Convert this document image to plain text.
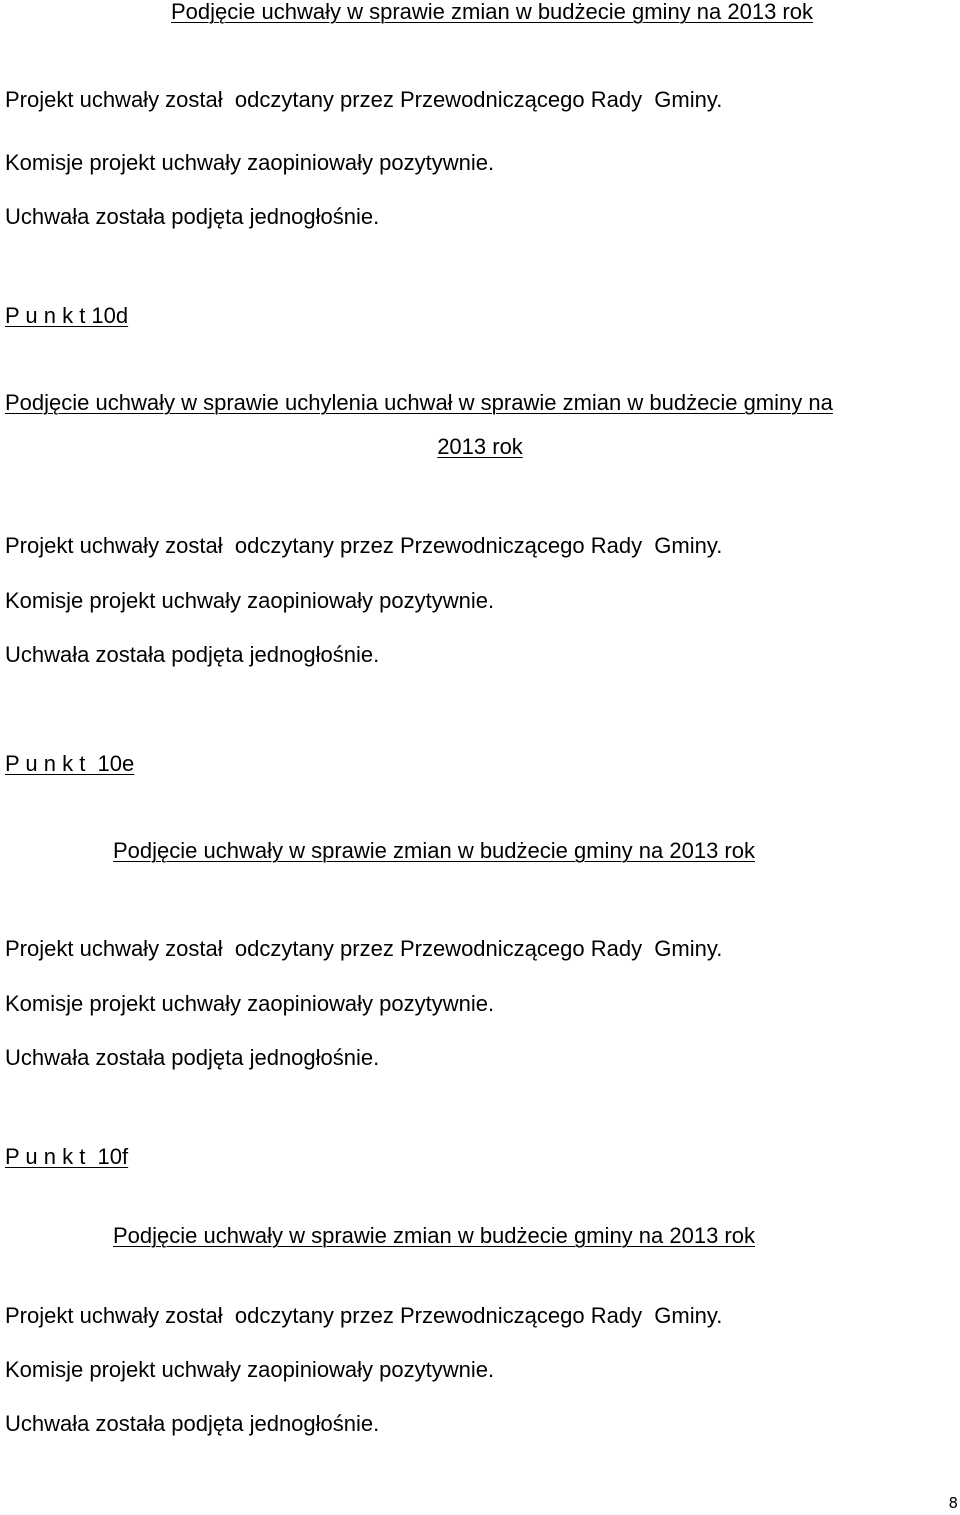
Podjęcie uchwały w sprawie zmian w budżecie gminy na 2013 rok

Projekt uchwały został  odczytany przez Przewodniczącego Rady  Gminy.

Komisje projekt uchwały zaopiniowały pozytywnie.

Uchwała została podjęta jednogłośnie.

P u n k t 10d

Podjęcie uchwały w sprawie uchylenia uchwał w sprawie zmian w budżecie gminy na

2013 rok

Projekt uchwały został  odczytany przez Przewodniczącego Rady  Gminy.

Komisje projekt uchwały zaopiniowały pozytywnie.

Uchwała została podjęta jednogłośnie.

P u n k t  10e

Podjęcie uchwały w sprawie zmian w budżecie gminy na 2013 rok

Projekt uchwały został  odczytany przez Przewodniczącego Rady  Gminy.

Komisje projekt uchwały zaopiniowały pozytywnie.

Uchwała została podjęta jednogłośnie.

P u n k t  10f

Podjęcie uchwały w sprawie zmian w budżecie gminy na 2013 rok

Projekt uchwały został  odczytany przez Przewodniczącego Rady  Gminy.

Komisje projekt uchwały zaopiniowały pozytywnie.

Uchwała została podjęta jednogłośnie.

8
